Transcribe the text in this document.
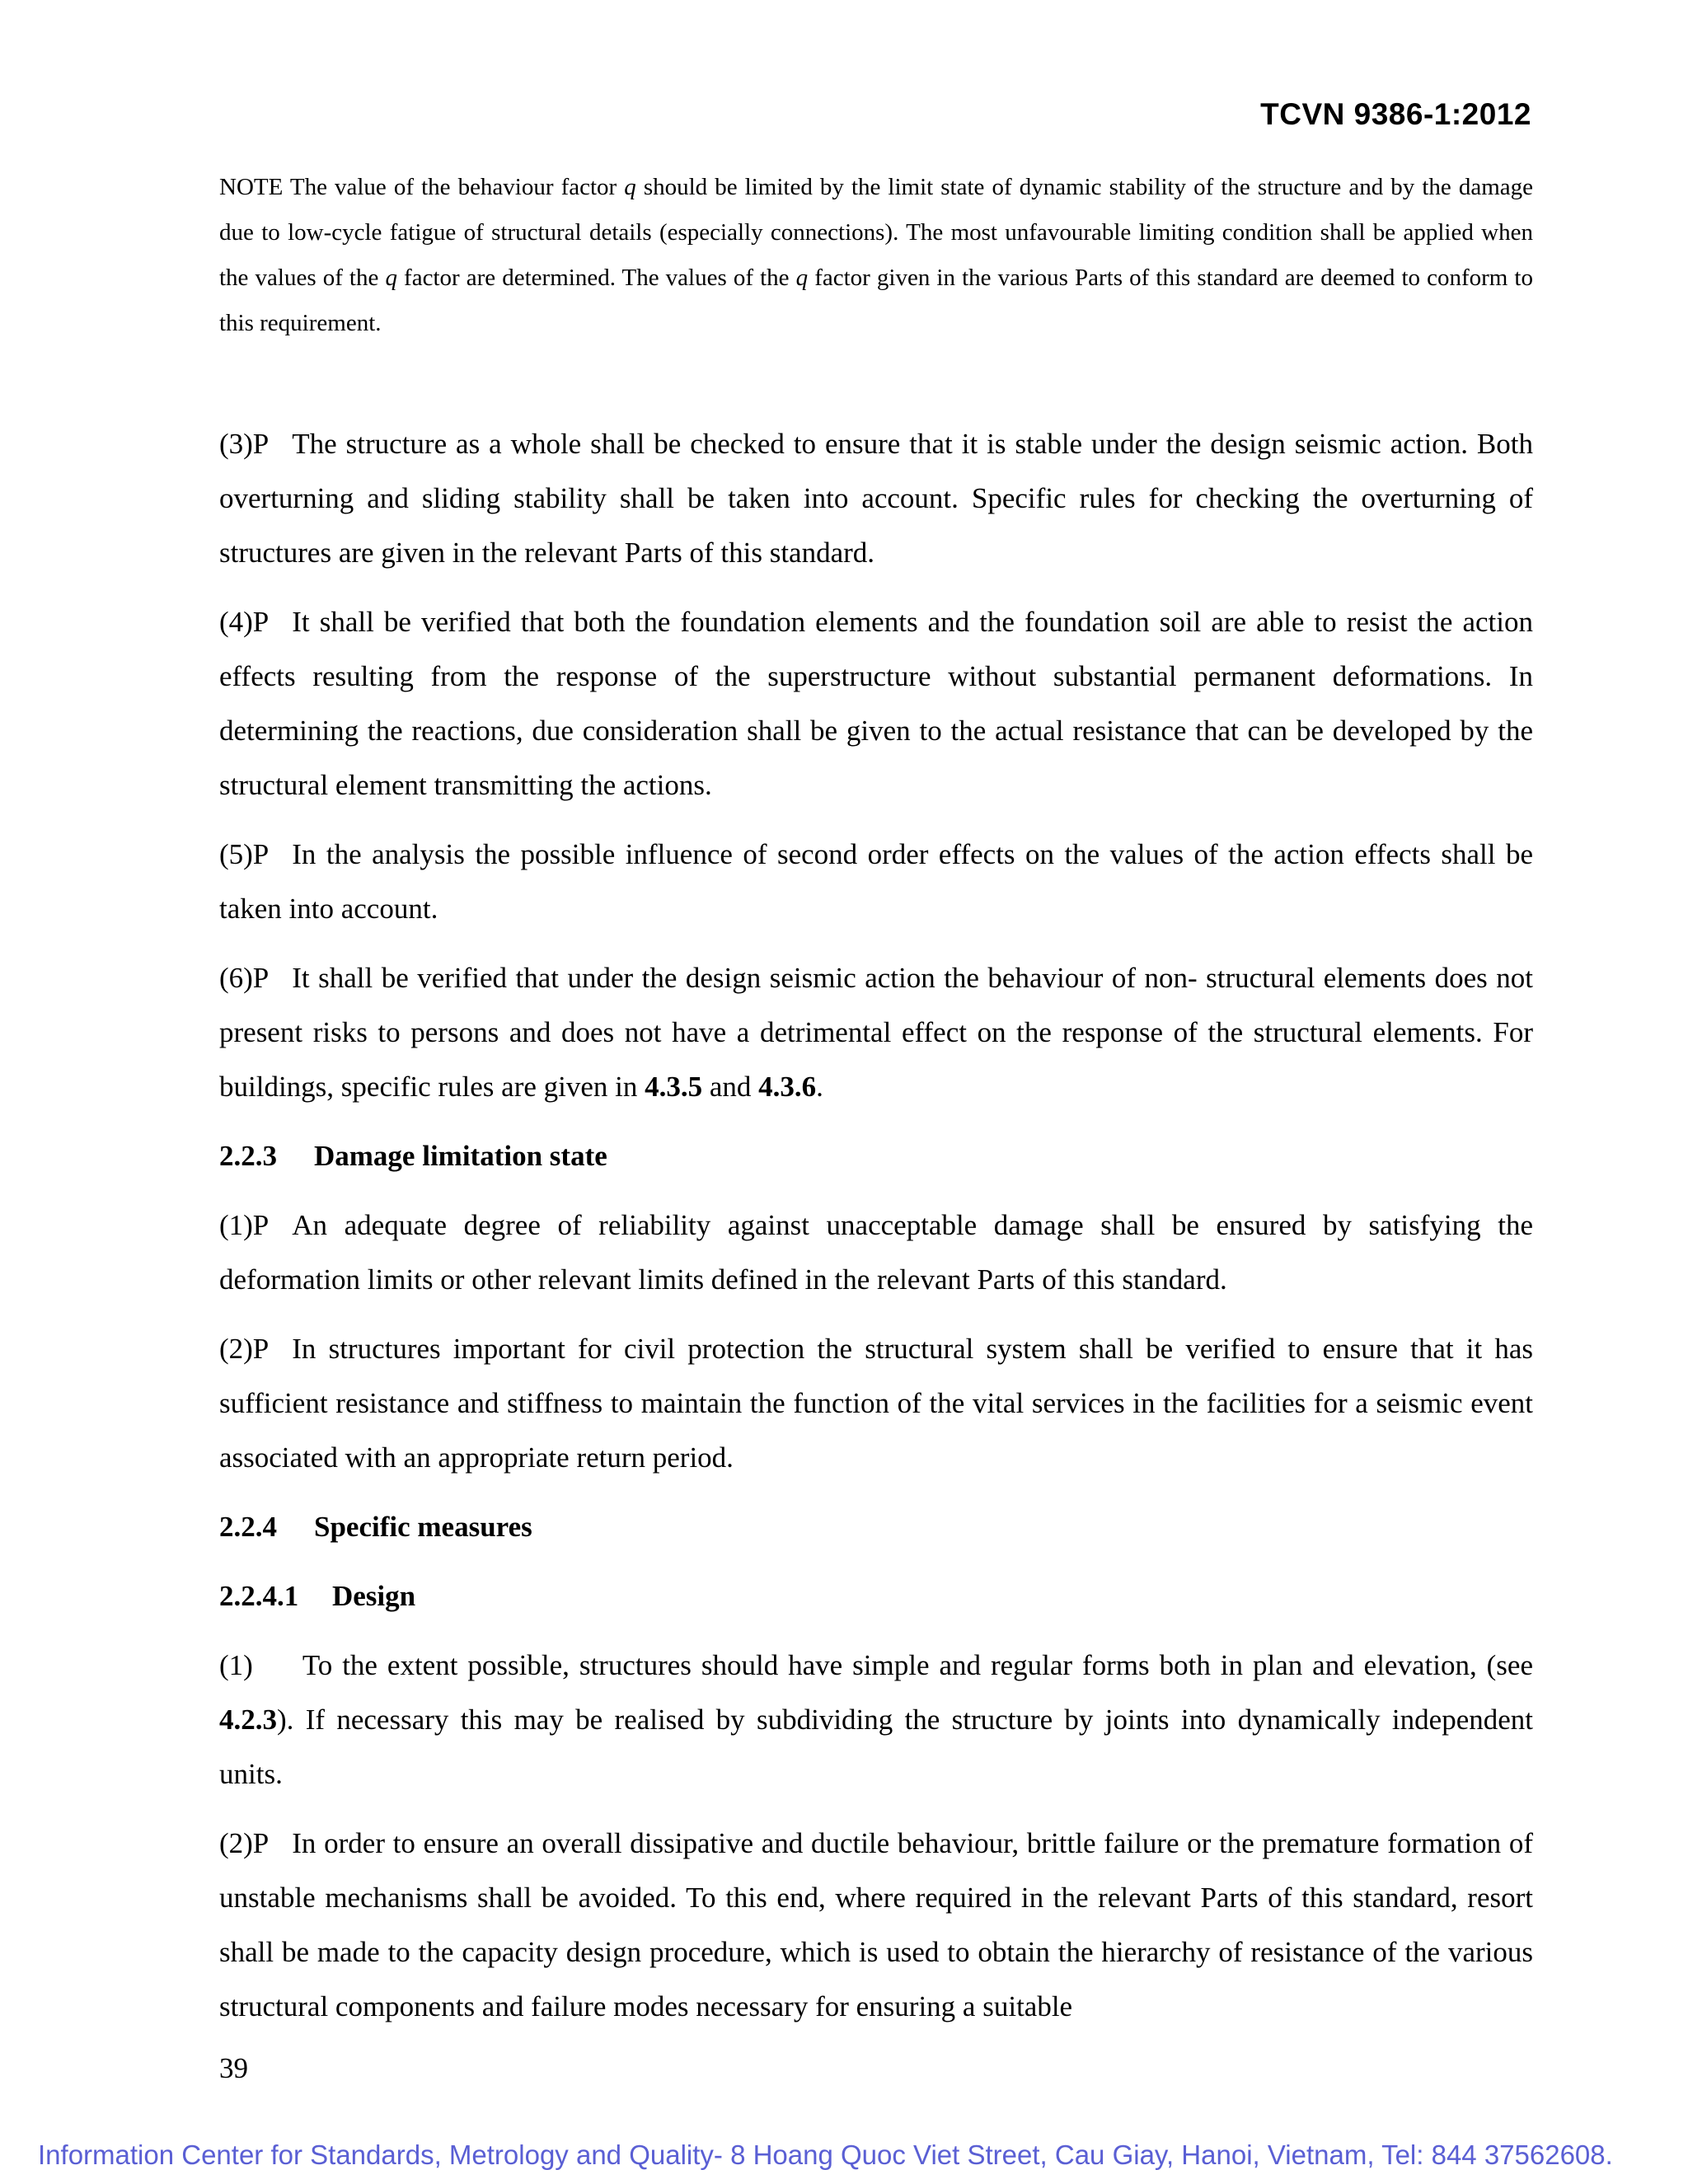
TCVN 9386-1:2012

NOTE The value of the behaviour factor q should be limited by the limit state of dynamic stability of the structure and by the damage due to low-cycle fatigue of structural details (especially connections). The most unfavourable limiting condition shall be applied when the values of the q factor are determined. The values of the q factor given in the various Parts of this standard are deemed to conform to this requirement.

(3)P The structure as a whole shall be checked to ensure that it is stable under the design seismic action. Both overturning and sliding stability shall be taken into account. Specific rules for checking the overturning of structures are given in the relevant Parts of this standard.

(4)P It shall be verified that both the foundation elements and the foundation soil are able to resist the action effects resulting from the response of the superstructure without substantial permanent deformations. In determining the reactions, due consideration shall be given to the actual resistance that can be developed by the structural element transmitting the actions.

(5)P In the analysis the possible influence of second order effects on the values of the action effects shall be taken into account.

(6)P It shall be verified that under the design seismic action the behaviour of non- structural elements does not present risks to persons and does not have a detrimental effect on the response of the structural elements. For buildings, specific rules are given in 4.3.5 and 4.3.6.

2.2.3 Damage limitation state

(1)P An adequate degree of reliability against unacceptable damage shall be ensured by satisfying the deformation limits or other relevant limits defined in the relevant Parts of this standard.

(2)P In structures important for civil protection the structural system shall be verified to ensure that it has sufficient resistance and stiffness to maintain the function of the vital services in the facilities for a seismic event associated with an appropriate return period.

2.2.4 Specific measures
2.2.4.1 Design

(1) To the extent possible, structures should have simple and regular forms both in plan and elevation, (see 4.2.3). If necessary this may be realised by subdividing the structure by joints into dynamically independent units.

(2)P In order to ensure an overall dissipative and ductile behaviour, brittle failure or the premature formation of unstable mechanisms shall be avoided. To this end, where required in the relevant Parts of this standard, resort shall be made to the capacity design procedure, which is used to obtain the hierarchy of resistance of the various structural components and failure modes necessary for ensuring a suitable

39
Information Center for Standards, Metrology and Quality- 8 Hoang Quoc Viet Street, Cau Giay, Hanoi, Vietnam, Tel: 844 37562608.
